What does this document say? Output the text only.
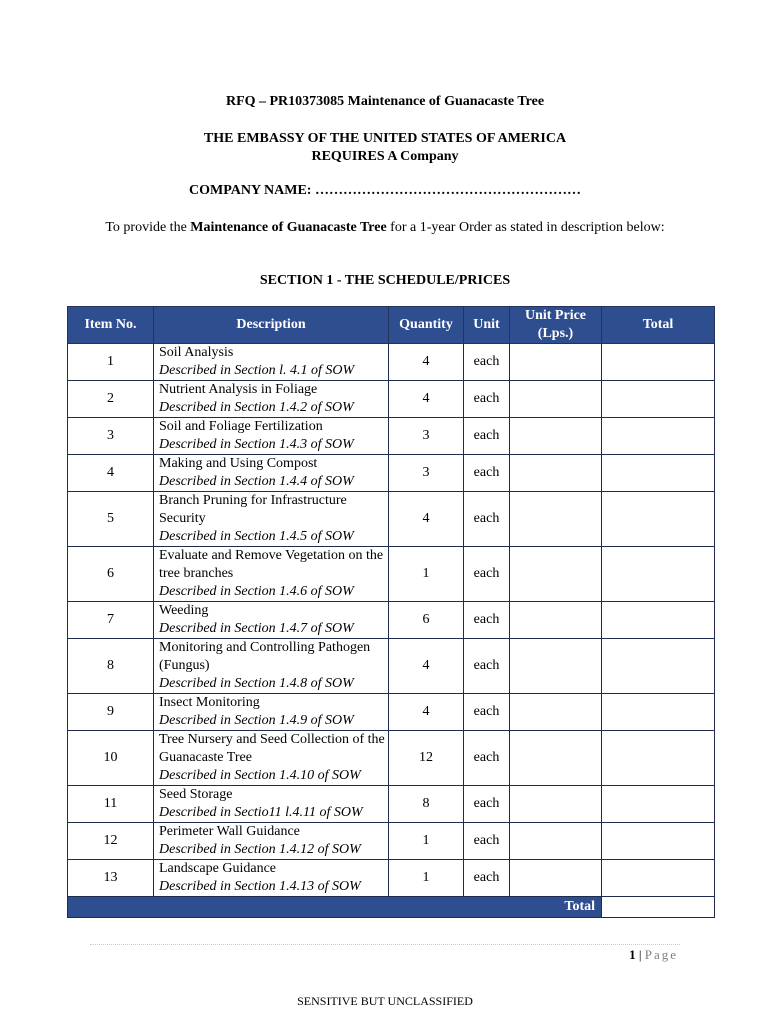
RFQ – PR10373085 Maintenance of Guanacaste Tree
THE EMBASSY OF THE UNITED STATES OF AMERICA
REQUIRES A Company
COMPANY NAME: …………………………………………………
To provide the Maintenance of Guanacaste Tree for a 1-year Order as stated in description below:
SECTION 1 - THE SCHEDULE/PRICES
Item No.	Description	Quantity	Unit	Unit Price
(Lps.)	Total
1	Soil Analysis
Described in Section l. 4.1 of SOW	4	each		
2	Nutrient Analysis in Foliage
Described in Section 1.4.2 of SOW	4	each		
3	Soil and Foliage Fertilization
Described in Section 1.4.3 of SOW	3	each		
4	Making and Using Compost
Described in Section 1.4.4 of SOW	3	each		
5	Branch Pruning for Infrastructure Security
Described in Section 1.4.5 of SOW	4	each		
6	Evaluate and Remove Vegetation on the tree branches
Described in Section 1.4.6 of SOW	1	each		
7	Weeding
Described in Section 1.4.7 of SOW	6	each		
8	Monitoring and Controlling Pathogen (Fungus)
Described in Section 1.4.8 of SOW	4	each		
9	Insect Monitoring
Described in Section 1.4.9 of SOW	4	each		
10	Tree Nursery and Seed Collection of the Guanacaste Tree
Described in Section 1.4.10 of SOW	12	each		
11	Seed Storage
Described in Sectio11 l.4.11 of SOW	8	each		
12	Perimeter Wall Guidance
Described in Section 1.4.12 of SOW	1	each		
13	Landscape Guidance
Described in Section 1.4.13 of SOW	1	each		
Total					
1 | Page
SENSITIVE BUT UNCLASSIFIED
